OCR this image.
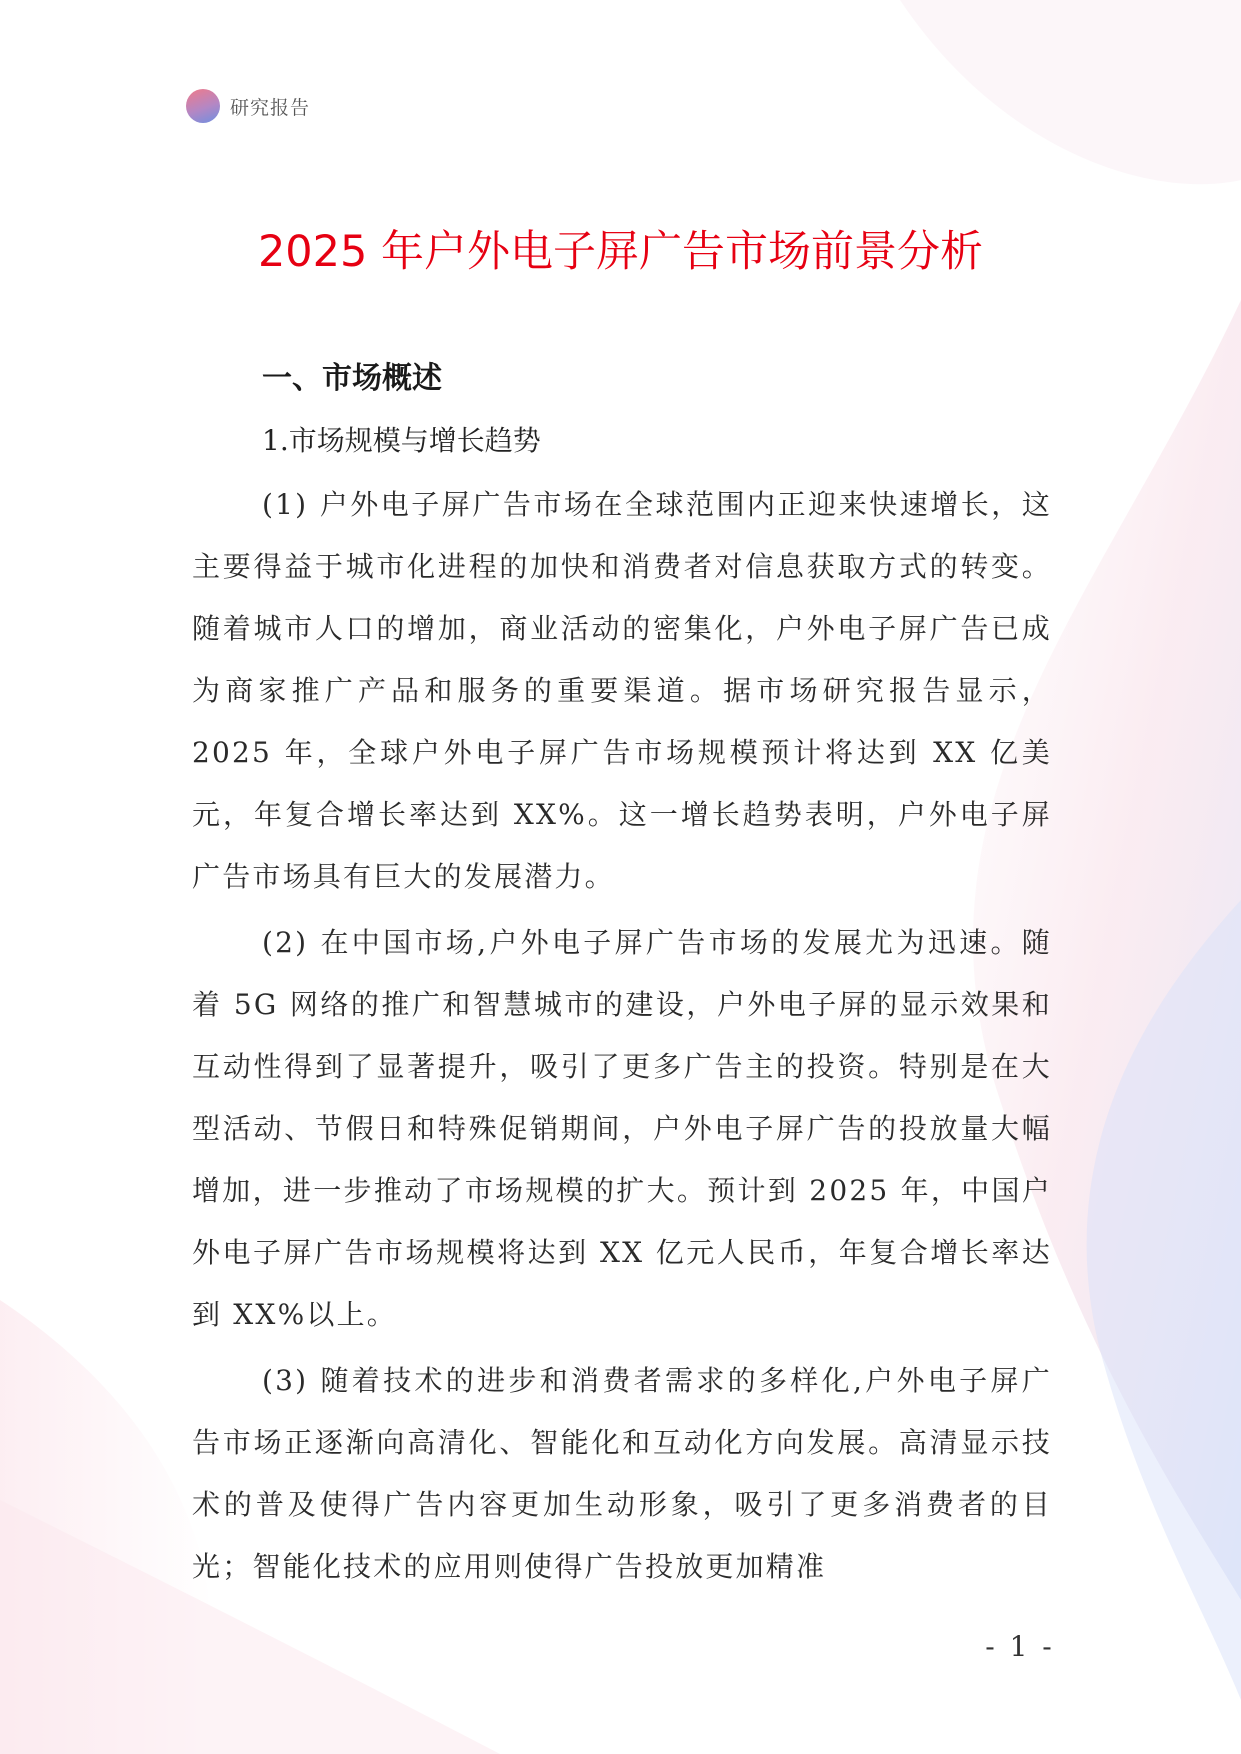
研究报告
2025 年户外电子屏广告市场前景分析
一、市场概述
1.市场规模与增长趋势

(1) 户外电子屏广告市场在全球范围内正迎来快速增长，这主要得益于城市化进程的加快和消费者对信息获取方式的转变。随着城市人口的增加，商业活动的密集化，户外电子屏广告已成为商家推广产品和服务的重要渠道。据市场研究报告显示，2025 年，全球户外电子屏广告市场规模预计将达到 XX 亿美元，年复合增长率达到 XX%。这一增长趋势表明，户外电子屏广告市场具有巨大的发展潜力。

(2) 在中国市场,户外电子屏广告市场的发展尤为迅速。随着 5G 网络的推广和智慧城市的建设，户外电子屏的显示效果和互动性得到了显著提升，吸引了更多广告主的投资。特别是在大型活动、节假日和特殊促销期间，户外电子屏广告的投放量大幅增加，进一步推动了市场规模的扩大。预计到 2025 年，中国户外电子屏广告市场规模将达到 XX 亿元人民币，年复合增长率达到 XX%以上。

(3) 随着技术的进步和消费者需求的多样化,户外电子屏广告市场正逐渐向高清化、智能化和互动化方向发展。高清显示技术的普及使得广告内容更加生动形象，吸引了更多消费者的目光；智能化技术的应用则使得广告投放更加精准

- 1 -
